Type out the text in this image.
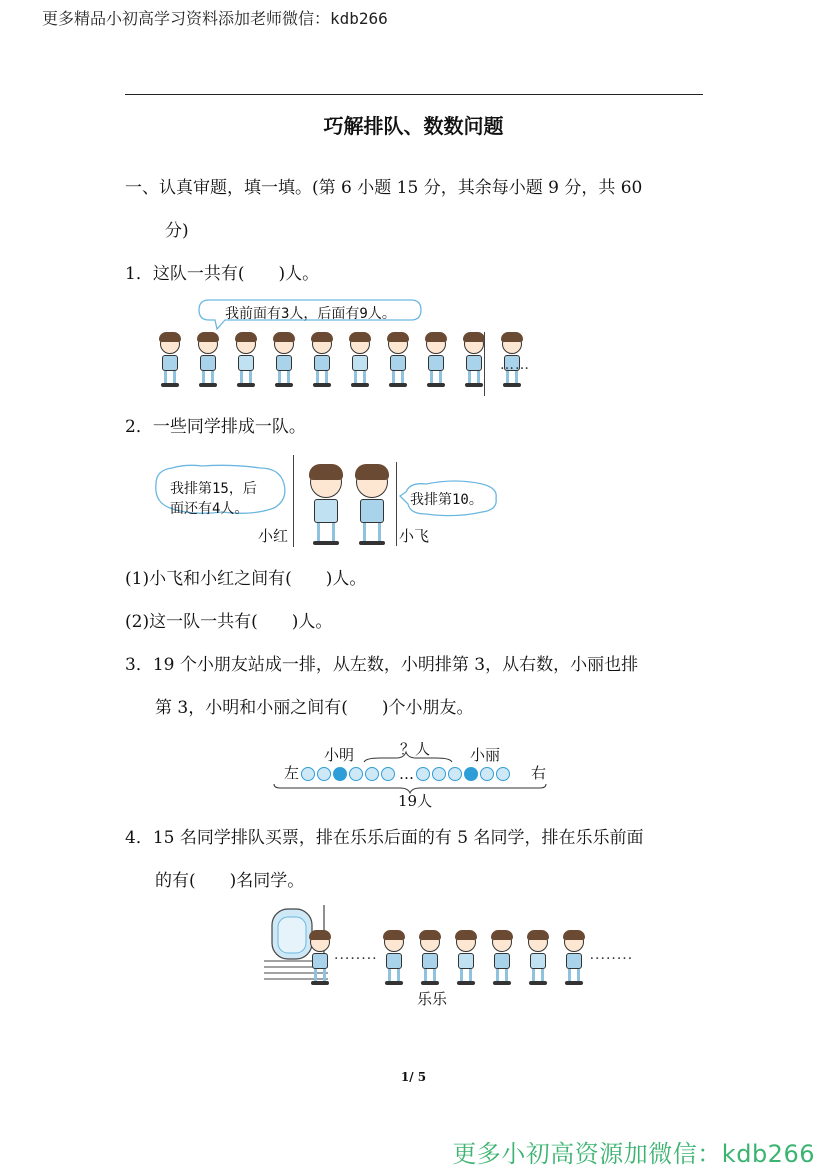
更多精品小初高学习资料添加老师微信：kdb266
巧解排队、数数问题
一、认真审题，填一填。(第 6 小题 15 分，其余每小题 9 分，共 60
分)
1．这队一共有(　　)人。
我前面有3人，后面有9人。
……
2．一些同学排成一队。
我排第15，后
面还有4人。
小红	小飞
我排第10。
(1)小飞和小红之间有(　　)人。
(2)这一队一共有(　　)人。
3．19 个小朋友站成一排，从左数，小明排第 3，从右数，小丽也排
第 3，小明和小丽之间有(　　)个小朋友。
小明	小丽
？人
左	右
…
19人
4．15 名同学排队买票，排在乐乐后面的有 5 名同学，排在乐乐前面
的有(　　)名同学。
········	········
乐乐
1/ 5
更多小初高资源加微信：kdb266
